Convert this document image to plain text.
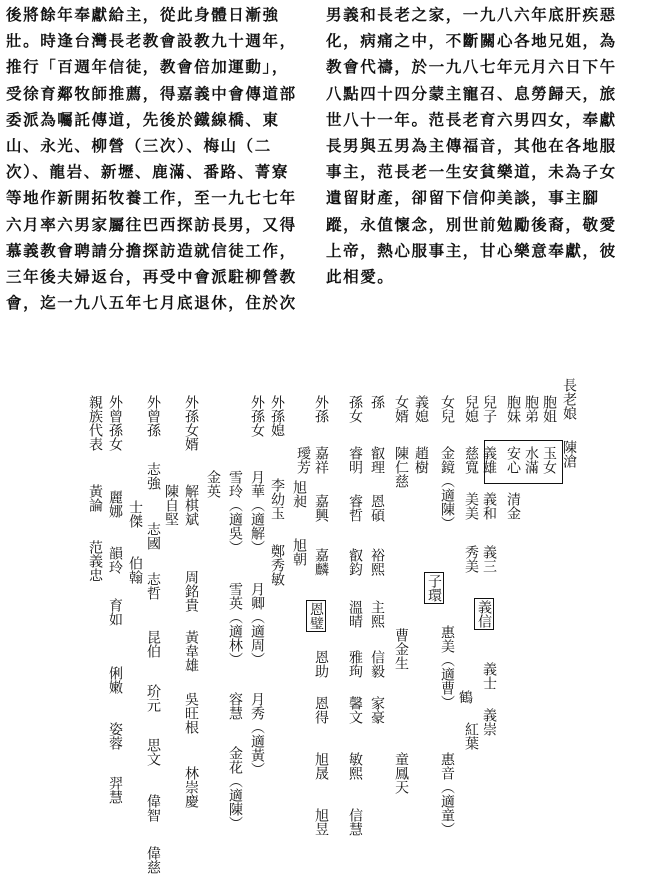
後將餘年奉獻給主，從此身體日漸強
壯。時逢台灣長老教會設教九十週年，
推行「百週年信徒，教會倍加運動」，
受徐育鄰牧師推薦，得嘉義中會傳道部
委派為囑託傳道，先後於鐵線橋、東
山、永光、柳營（三次）、梅山（二
次）、龍岩、新壢、鹿滿、番路、菁寮
等地作新開拓牧養工作，至一九七七年
六月率六男家屬往巴西探訪長男，又得
慕義教會聘請分擔探訪造就信徒工作，
三年後夫婦返台，再受中會派駐柳營教
會，迄一九八五年七月底退休，住於次
男義和長老之家，一九八六年底肝疾惡
化，病痛之中，不斷關心各地兄姐，為
教會代禱，於一九八七年元月六日下午
八點四十四分蒙主寵召、息勞歸天，旅
世八十一年。范長老育六男四女，奉獻
長男與五男為主傳福音，其他在各地服
事主，范長老一生安貧樂道，未為子女
遺留財產，卻留下信仰美談，事主腳
蹤，永值懷念，別世前勉勵後裔，敬愛
上帝，熱心服事主，甘心樂意奉獻，彼
此相愛。
長老娘
陳滄
胞姐
胞弟
胞妹
玉女
水滿
安心
清金
兒子
義雄
義和
義三
義信
義士
義崇
兒媳
慈寬
美美
秀美
子環
鶴
紅葉
女兒
金鏡（適陳）
惠美（適曹）
惠音（適童）
義媳
趙樹
女婿
陳仁慈
曹金生
童鳳天
孫
叡理
恩碩
裕熙
主熙
信毅
家豪
孫女
睿明
睿哲
叡鈞
溫晴
雅珣
馨文
敏熙
信慧
外孫
嘉祥
嘉興
嘉麟
恩璧
恩助
恩得
旭晟
旭昱
璦芳
旭昶
旭朝
外孫媳
李幼玉
鄭秀敏
外孫女
月華（適解）
月卿（適周）
月秀（適黃）
雪玲（適吳）
雪英（適林）
容慧
金花（適陳）
金英
外孫女婿
解棋斌
周銘貴
黃韋雄
吳旺根
林崇慶
陳自堅
外曾孫
志強
志國
志哲
昆伯
玠元
思文
偉智
偉慈
士傑
伯翰
外曾孫女
麗娜
韻玲
育如
俐嫩
姿蓉
羿慧
親族代表
黃論
范義忠
